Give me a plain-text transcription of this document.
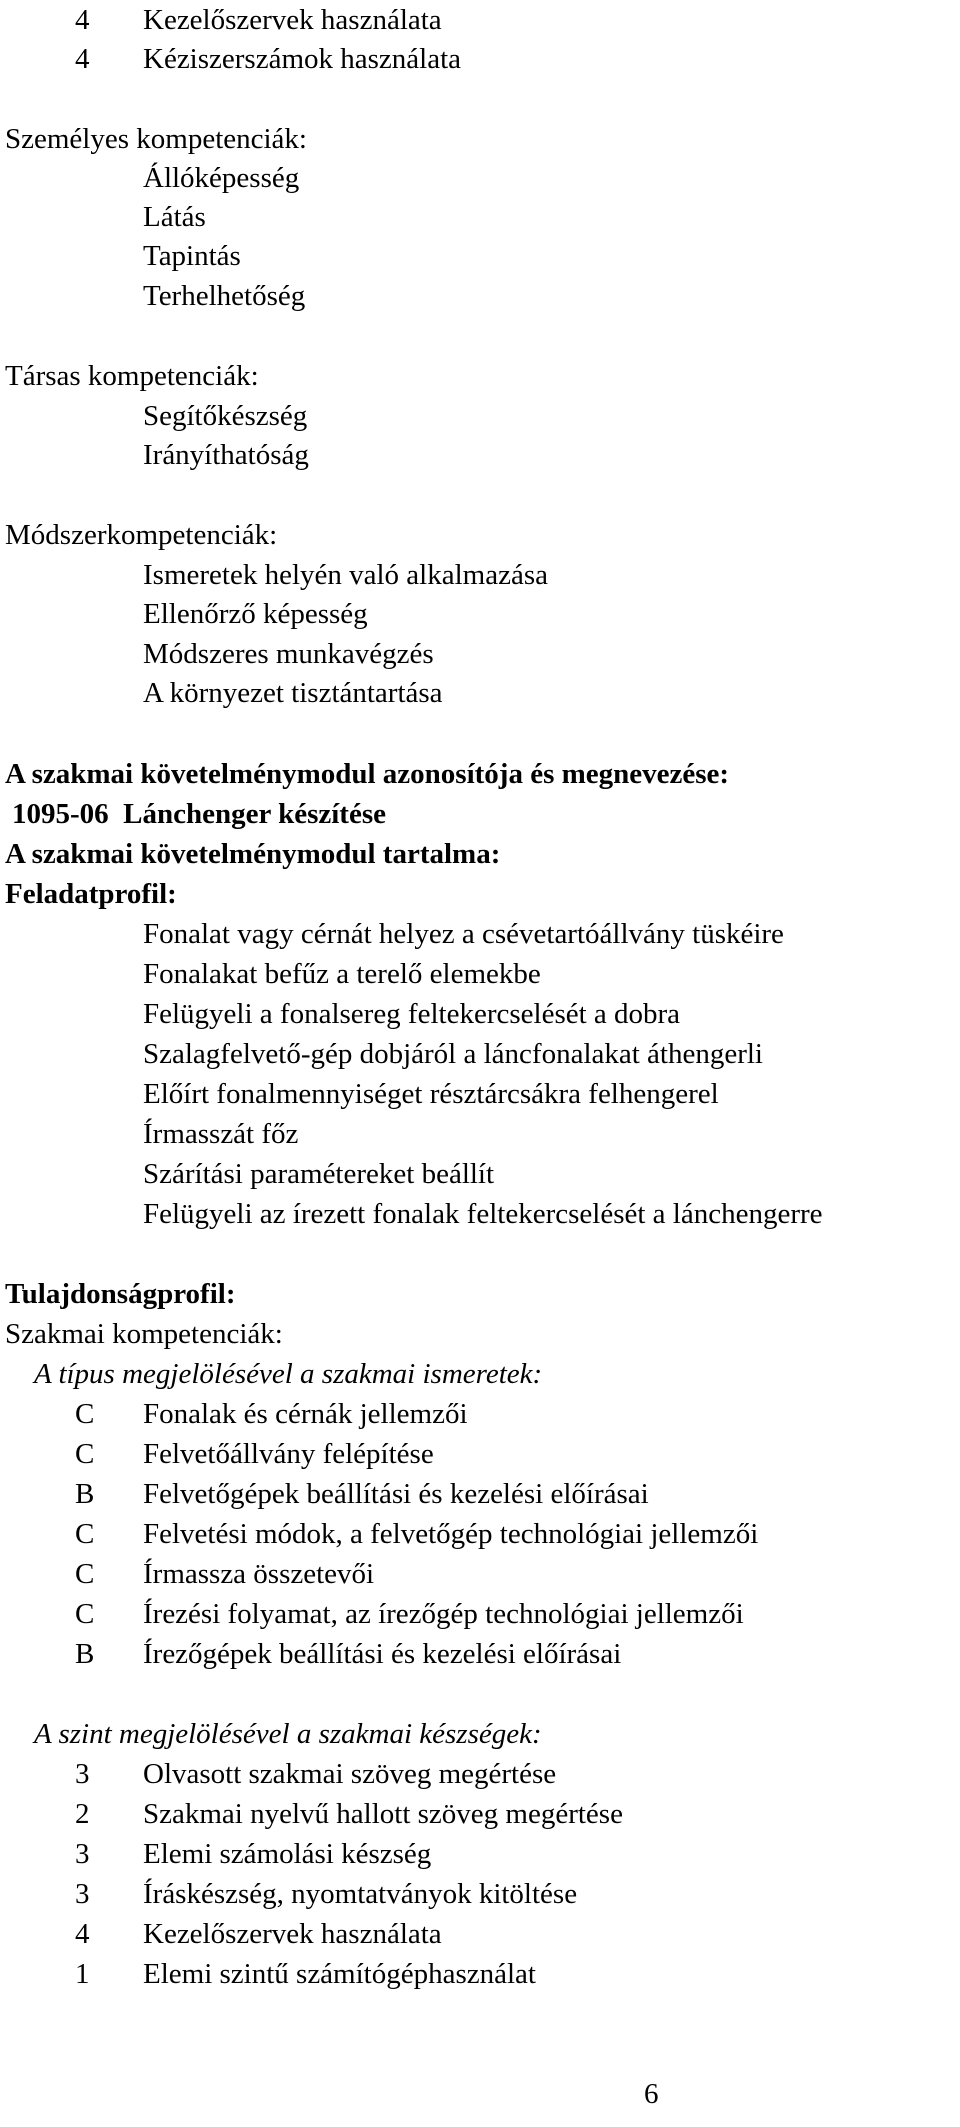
4 Kezelőszervek használata
4 Kéziszerszámok használata
Személyes kompetenciák:
Állóképesség
Látás
Tapintás
Terhelhetőség
Társas kompetenciák:
Segítőkészség
Irányíthatóság
Módszerkompetenciák:
Ismeretek helyén való alkalmazása
Ellenőrző képesség
Módszeres munkavégzés
A környezet tisztántartása
A szakmai követelménymodul azonosítója és megnevezése:
1095-06  Lánchenger készítése
A szakmai követelménymodul tartalma:
Feladatprofil:
Fonalat vagy cérnát helyez a csévetartóállvány tüskéire
Fonalakat befűz a terelő elemekbe
Felügyeli a fonalsereg feltekercselését a dobra
Szalagfelvető-gép dobjáról a láncfonalakat áthengerli
Előírt fonalmennyiséget résztárcsákra felhengerel
Írmasszát főz
Szárítási paramétereket beállít
Felügyeli az írezett fonalak feltekercselését a lánchengerre
Tulajdonságprofil:
Szakmai kompetenciák:
A típus megjelölésével a szakmai ismeretek:
C Fonalak és cérnák jellemzői
C Felvetőállvány felépítése
B Felvetőgépek beállítási és kezelési előírásai
C Felvetési módok, a felvetőgép technológiai jellemzői
C Írmassza összetevői
C Írezési folyamat, az írezőgép technológiai jellemzői
B Írezőgépek beállítási és kezelési előírásai
A szint megjelölésével a szakmai készségek:
3 Olvasott szakmai szöveg megértése
2 Szakmai nyelvű hallott szöveg megértése
3 Elemi számolási készség
3 Íráskészség, nyomtatványok kitöltése
4 Kezelőszervek használata
1 Elemi szintű számítógéphasználat
6
